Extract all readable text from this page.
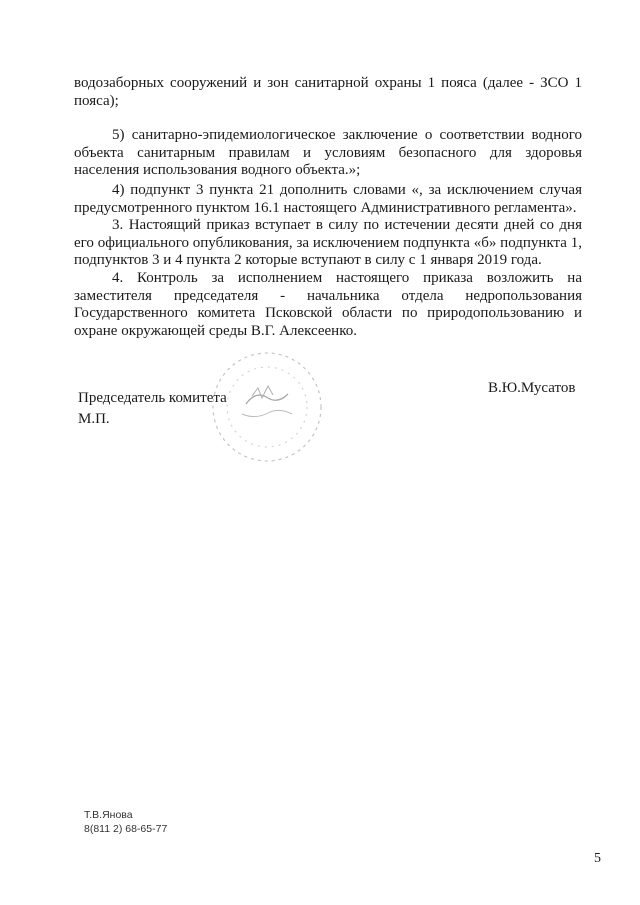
водозаборных сооружений и зон санитарной охраны 1 пояса (далее - ЗСО 1 пояса);

5) санитарно-эпидемиологическое заключение о соответствии водного объекта санитарным правилам и условиям безопасного для здоровья населения использования водного объекта.»;

4) подпункт 3 пункта 21 дополнить словами «, за исключением случая предусмотренного пунктом 16.1 настоящего Административного регламента».

3. Настоящий приказ вступает в силу по истечении десяти дней со дня его официального опубликования, за исключением подпункта «б» подпункта 1, подпунктов 3 и 4 пункта 2 которые вступают в силу с 1 января 2019 года.

4. Контроль за исполнением настоящего приказа возложить на заместителя председателя - начальника отдела недропользования Государственного комитета Псковской области по природопользованию и охране окружающей среды В.Г. Алексеенко.

Председатель комитета
М.П.
В.Ю.Мусатов
Т.В.Янова
8(811 2) 68-65-77
5
